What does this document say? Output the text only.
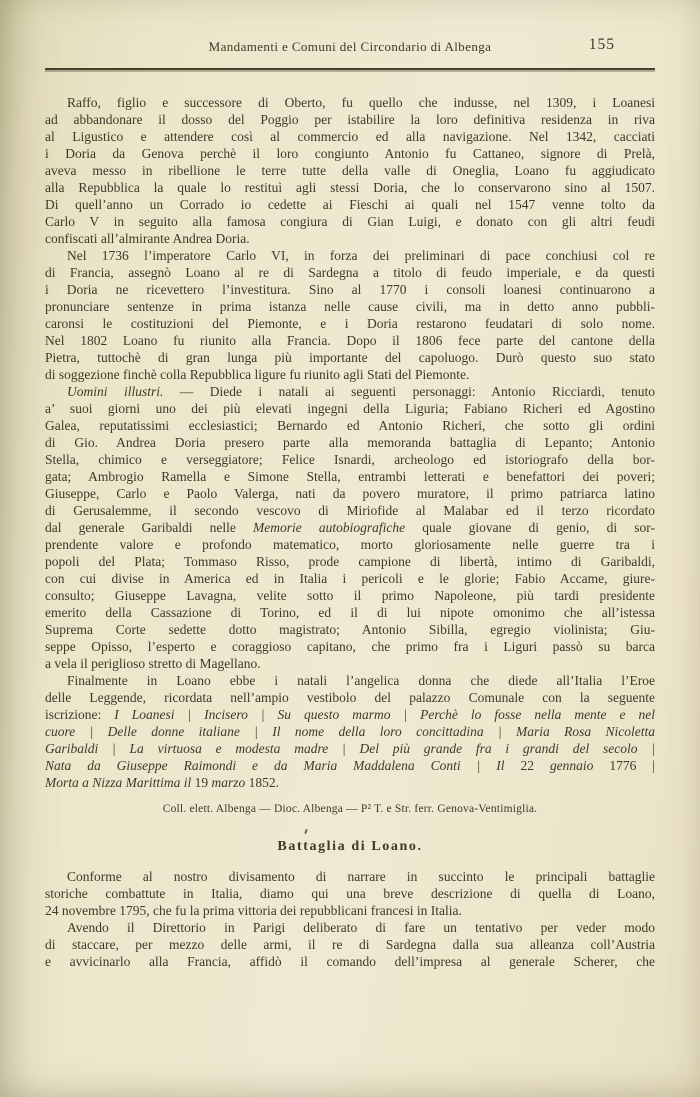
Mandamenti e Comuni del Circondario di Albenga	155
Raffo, figlio e successore di Oberto, fu quello che indusse, nel 1309, i Loanesi
ad abbandonare il dosso del Poggio per istabilire la loro definitiva residenza in riva
al Ligustico e attendere così al commercio ed alla navigazione. Nel 1342, cacciati
i Doria da Genova perchè il loro congiunto Antonio fu Cattaneo, signore di Prelà,
aveva messo in ribellione le terre tutte della valle di Oneglia, Loano fu aggiudicato
alla Repubblica la quale lo restituì agli stessi Doria, che lo conservarono sino al 1507.
Di quell’anno un Corrado io cedette ai Fieschi ai quali nel 1547 venne tolto da
Carlo V in seguito alla famosa congiura di Gian Luigi, e donato con gli altri feudi
confiscati all’almirante Andrea Doria.
Nel 1736 l’imperatore Carlo VI, in forza dei preliminari di pace conchiusi col re
di Francia, assegnò Loano al re di Sardegna a titolo di feudo imperiale, e da questi
i Doria ne ricevettero l’investitura. Sino al 1770 i consoli loanesi continuarono a
pronunciare sentenze in prima istanza nelle cause civili, ma in detto anno pubbli-
caronsi le costituzioni del Piemonte, e i Doria restarono feudatari di solo nome.
Nel 1802 Loano fu riunito alla Francia. Dopo il 1806 fece parte del cantone della
Pietra, tuttochè di gran lunga più importante del capoluogo. Durò questo suo stato
di soggezione finchè colla Repubblica ligure fu riunito agli Stati del Piemonte.
Uomini illustri. — Diede i natali ai seguenti personaggi: Antonio Ricciardi, tenuto
a’ suoi giorni uno dei più elevati ingegni della Liguria; Fabiano Richeri ed Agostino
Galea, reputatissimi ecclesiastici; Bernardo ed Antonio Richeri, che sotto gli ordini
di Gio. Andrea Doria presero parte alla memoranda battaglia di Lepanto; Antonio
Stella, chimico e verseggiatore; Felice Isnardi, archeologo ed istoriografo della bor-
gata; Ambrogio Ramella e Simone Stella, entrambi letterati e benefattori dei poveri;
Giuseppe, Carlo e Paolo Valerga, nati da povero muratore, il primo patriarca latino
di Gerusalemme, il secondo vescovo di Miriofide al Malabar ed il terzo ricordato
dal generale Garibaldi nelle Memorie autobiografiche quale giovane di genio, di sor-
prendente valore e profondo matematico, morto gloriosamente nelle guerre tra i
popoli del Plata; Tommaso Risso, prode campione di libertà, intimo di Garibaldi,
con cui divise in America ed in Italia i pericoli e le glorie; Fabio Accame, giure-
consulto; Giuseppe Lavagna, velite sotto il primo Napoleone, più tardi presidente
emerito della Cassazione di Torino, ed il di lui nipote omonimo che all’istessa
Suprema Corte sedette dotto magistrato; Antonio Sibilla, egregio violinista; Giu-
seppe Opisso, l’esperto e coraggioso capitano, che primo fra i Liguri passò su barca
a vela il periglioso stretto di Magellano.
Finalmente in Loano ebbe i natali l’angelica donna che diede all’Italia l’Eroe
delle Leggende, ricordata nell’ampio vestibolo del palazzo Comunale con la seguente
iscrizione: I Loanesi | Incisero | Su questo marmo | Perchè lo fosse nella mente e nel
cuore | Delle donne italiane | Il nome della loro concittadina | Maria Rosa Nicoletta
Garibaldi | La virtuosa e modesta madre | Del più grande fra i grandi del secolo |
Nata da Giuseppe Raimondi e da Maria Maddalena Conti | Il 22 gennaio 1776 |
Morta a Nizza Marittima il 19 marzo 1852.
Coll. elett. Albenga — Dioc. Albenga — P² T. e Str. ferr. Genova-Ventimiglia.
Battaglia di Loano.
Conforme al nostro divisamento di narrare in succinto le principali battaglie
storiche combattute in Italia, diamo qui una breve descrizione di quella di Loano,
24 novembre 1795, che fu la prima vittoria dei repubblicani francesi in Italia.
Avendo il Direttorio in Parigi deliberato di fare un tentativo per veder modo
di staccare, per mezzo delle armi, il re di Sardegna dalla sua alleanza coll’Austria
e avvicinarlo alla Francia, affidò il comando dell’impresa al generale Scherer, che
